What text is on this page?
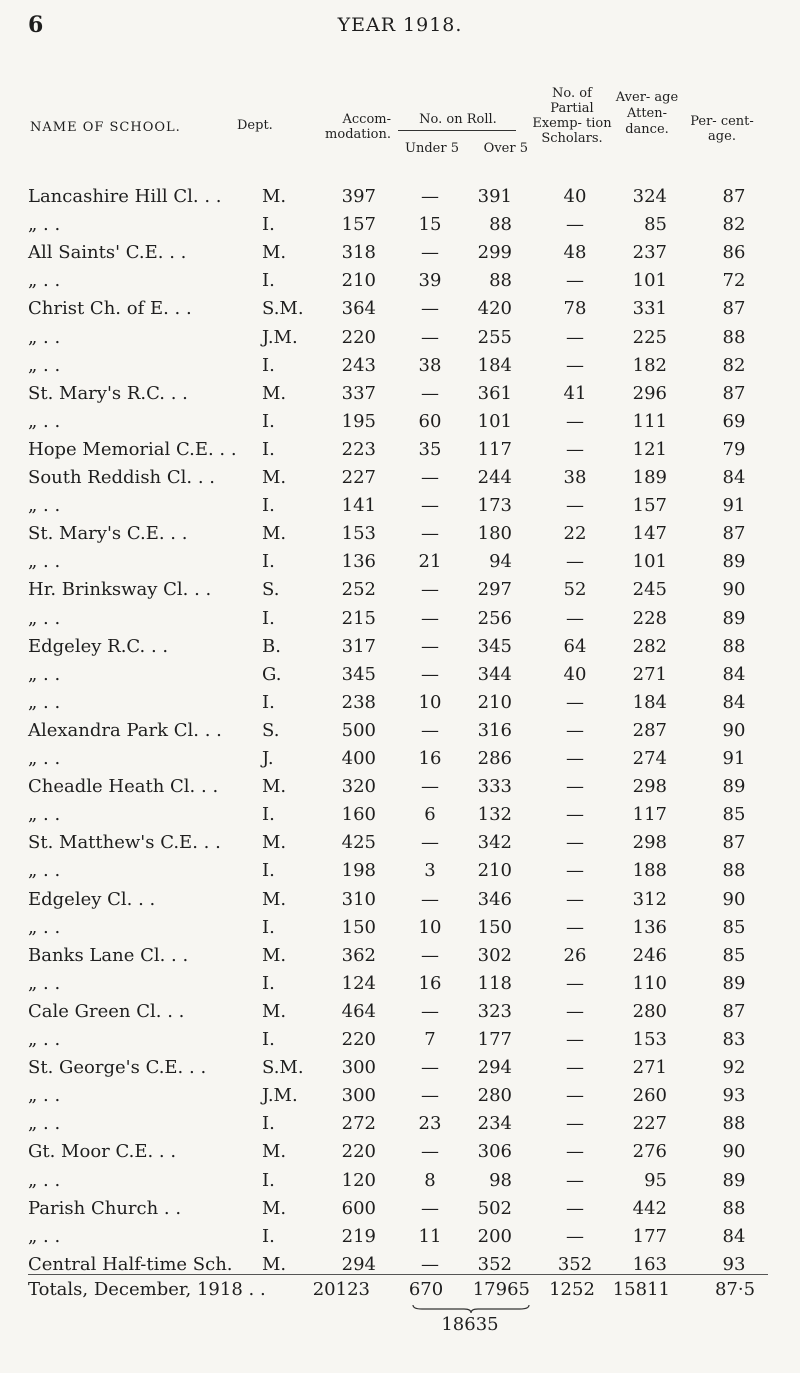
6	YEAR 1918.
NAME OF SCHOOL.	Dept.	Accom- modation.
No. on Roll.
Under 5	Over 5
No. of Partial Exemp- tion Scholars.
Aver- age Atten- dance.
Per- cent- age.
Lancashire Hill Cl. . . M.	397	—	391	40	324	87
„ . .	I.	157	15	88	—	85	82
All Saints' C.E. . .	M.	318	—	299	48	237	86
„ . .	I.	210	39	88	—	101	72
Christ Ch. of E. . .	S.M.	364	—	420	78	331	87
„ . .	J.M.	220	—	255	—	225	88
„ . .	I.	243	38	184	—	182	82
St. Mary's R.C. . .	M.	337	—	361	41	296	87
„ . .	I.	195	60	101	—	111	69
Hope Memorial C.E. . . I.	223	35	117	—	121	79
South Reddish Cl. . .	M.	227	—	244	38	189	84
„ . .	I.	141	—	173	—	157	91
St. Mary's C.E. . .	M.	153	—	180	22	147	87
„ . .	I.	136	21	94	—	101	89
Hr. Brinksway Cl. . .	S.	252	—	297	52	245	90
„ . .	I.	215	—	256	—	228	89
Edgeley R.C. . .	B.	317	—	345	64	282	88
„ . .	G.	345	—	344	40	271	84
„ . .	I.	238	10	210	—	184	84
Alexandra Park Cl. . . S.	500	—	316	—	287	90
„ . .	J.	400	16	286	—	274	91
Cheadle Heath Cl. . . M.	320	—	333	—	298	89
„ . .	I.	160	6	132	—	117	85
St. Matthew's C.E. . . M.	425	—	342	—	298	87
„ . .	I.	198	3	210	—	188	88
Edgeley Cl. . .	M.	310	—	346	—	312	90
„ . .	I.	150	10	150	—	136	85
Banks Lane Cl. . .	M.	362	—	302	26	246	85
„ . .	I.	124	16	118	—	110	89
Cale Green Cl. . .	M.	464	—	323	—	280	87
„ . .	I.	220	7	177	—	153	83
St. George's C.E. . .	S.M.	300	—	294	—	271	92
„ . .	J.M.	300	—	280	—	260	93
„ . .	I.	272	23	234	—	227	88
Gt. Moor C.E. . .	M.	220	—	306	—	276	90
„ . .	I.	120	8	98	—	95	89
Parish Church . .	M.	600	—	502	—	442	88
„ . .	I.	219	11	200	—	177	84
Central Half-time Sch. M.	294	—	352	352	163	93
Totals, December, 1918 . .	20123	670	17965	1252 15811	87·5
18635
